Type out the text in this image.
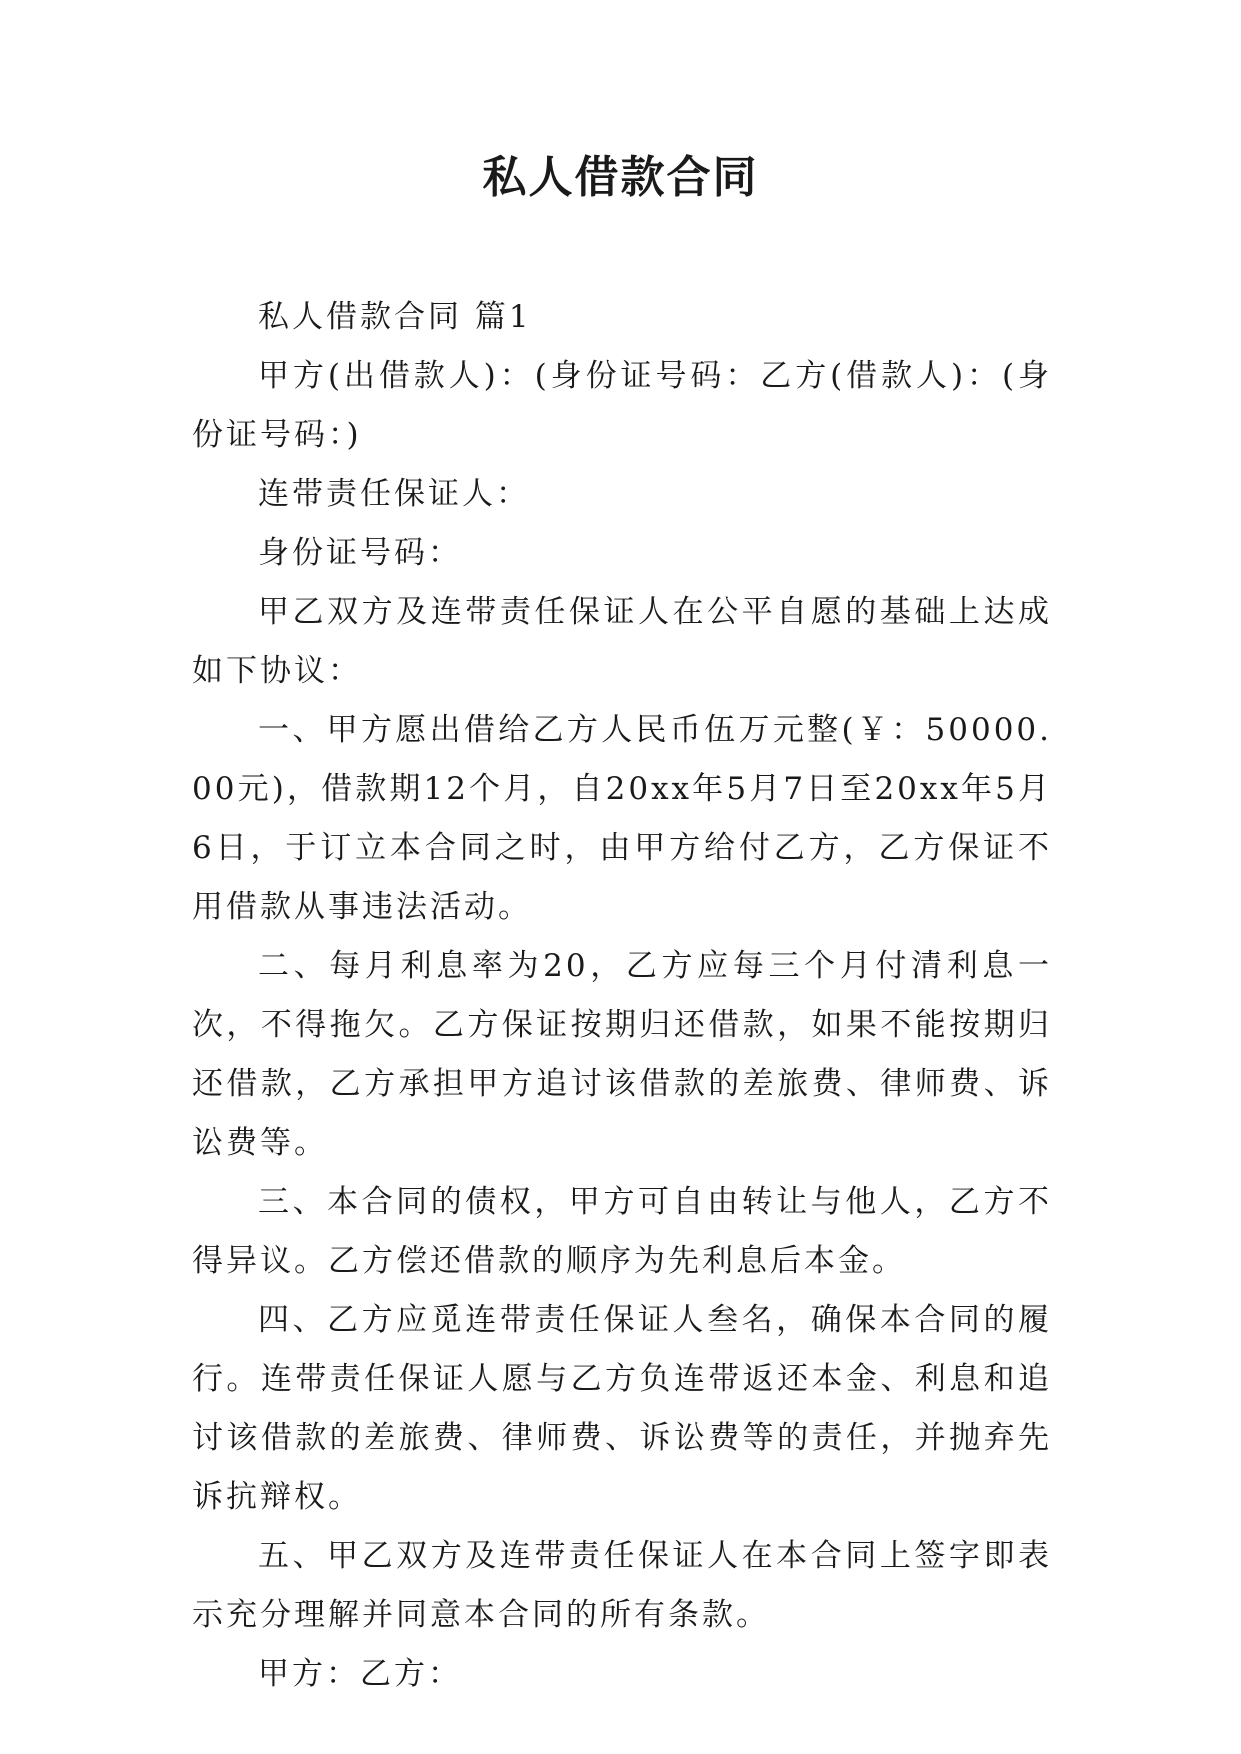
私人借款合同

私人借款合同 篇1

甲方(出借款人)：(身份证号码：乙方(借款人)：(身份证号码：)

连带责任保证人：

身份证号码：

甲乙双方及连带责任保证人在公平自愿的基础上达成如下协议：

一、甲方愿出借给乙方人民币伍万元整(￥：50000.00元)，借款期12个月，自20xx年5月7日至20xx年5月6日，于订立本合同之时，由甲方给付乙方，乙方保证不用借款从事违法活动。

二、每月利息率为20，乙方应每三个月付清利息一次，不得拖欠。乙方保证按期归还借款，如果不能按期归还借款，乙方承担甲方追讨该借款的差旅费、律师费、诉讼费等。

三、本合同的债权，甲方可自由转让与他人，乙方不得异议。乙方偿还借款的顺序为先利息后本金。

四、乙方应觅连带责任保证人叁名，确保本合同的履行。连带责任保证人愿与乙方负连带返还本金、利息和追讨该借款的差旅费、律师费、诉讼费等的责任，并抛弃先诉抗辩权。

五、甲乙双方及连带责任保证人在本合同上签字即表示充分理解并同意本合同的所有条款。

甲方：乙方：
